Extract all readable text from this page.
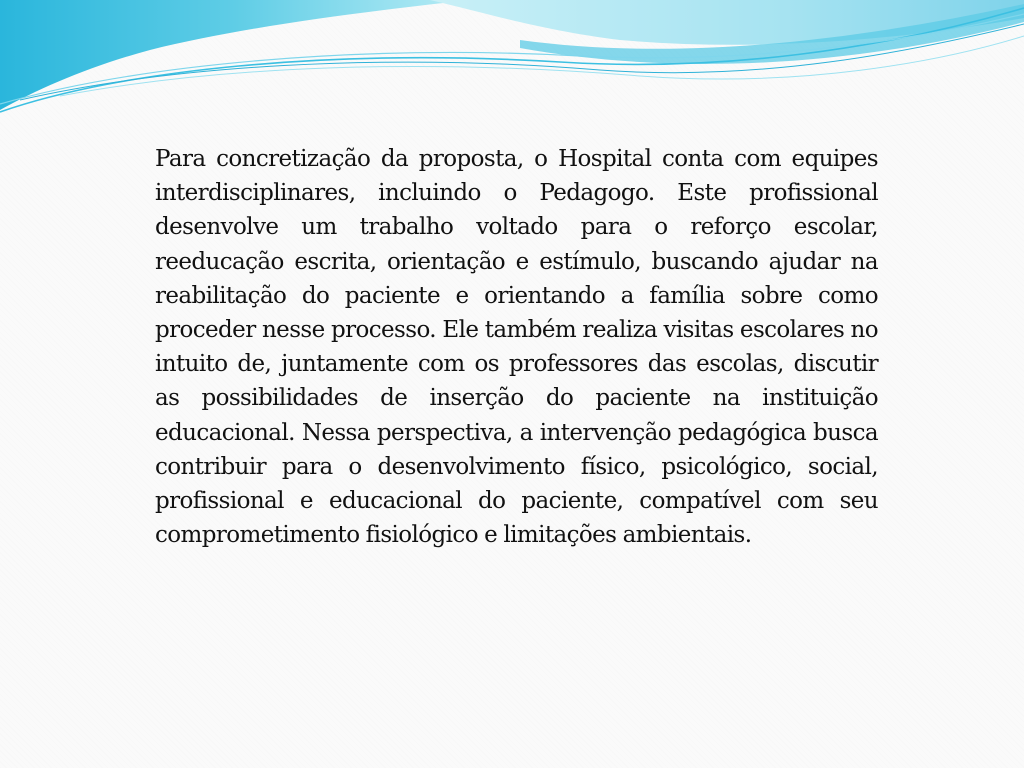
Para concretização da proposta, o Hospital conta com equipes interdisciplinares, incluindo o Pedagogo. Este profissional desenvolve um trabalho voltado para o reforço escolar, reeducação escrita, orientação e estímulo, buscando ajudar na reabilitação do paciente e orientando a família sobre como proceder nesse processo. Ele também realiza visitas escolares no intuito de, juntamente com os professores das escolas, discutir as possibilidades de inserção do paciente na instituição educacional. Nessa perspectiva, a intervenção pedagógica busca contribuir para o desenvolvimento físico, psicológico, social, profissional e educacional do paciente, compatível com seu comprometimento fisiológico e limitações ambientais.
